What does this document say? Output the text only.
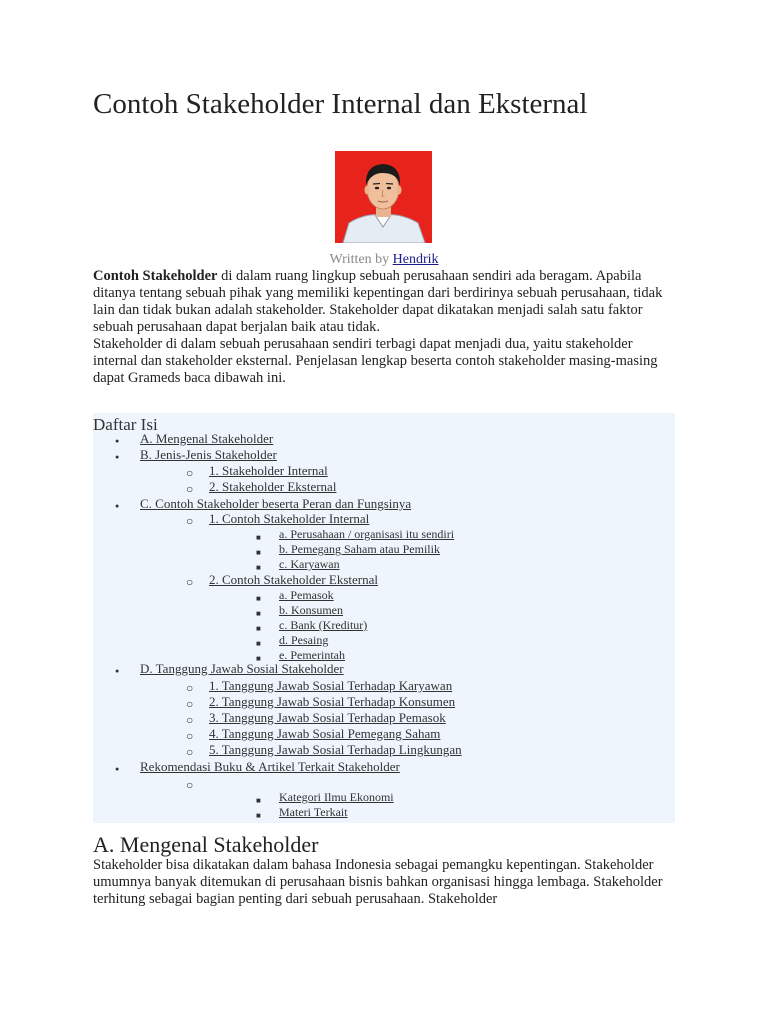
Contoh Stakeholder Internal dan Eksternal
Written by Hendrik

Contoh Stakeholder di dalam ruang lingkup sebuah perusahaan sendiri ada beragam. Apabila ditanya tentang sebuah pihak yang memiliki kepentingan dari berdirinya sebuah perusahaan, tidak lain dan tidak bukan adalah stakeholder. Stakeholder dapat dikatakan menjadi salah satu faktor sebuah perusahaan dapat berjalan baik atau tidak.

Stakeholder di dalam sebuah perusahaan sendiri terbagi dapat menjadi dua, yaitu stakeholder internal dan stakeholder eksternal. Penjelasan lengkap beserta contoh stakeholder masing-masing dapat Grameds baca dibawah ini.

Daftar Isi
● A. Mengenal Stakeholder
● B. Jenis-Jenis Stakeholder
○ 1. Stakeholder Internal
○ 2. Stakeholder Eksternal
● C. Contoh Stakeholder beserta Peran dan Fungsinya
○ 1. Contoh Stakeholder Internal
■ a. Perusahaan / organisasi itu sendiri
■ b. Pemegang Saham atau Pemilik
■ c. Karyawan
○ 2. Contoh Stakeholder Eksternal
■ a. Pemasok
■ b. Konsumen
■ c. Bank (Kreditur)
■ d. Pesaing
■ e. Pemerintah
● D. Tanggung Jawab Sosial Stakeholder
○ 1. Tanggung Jawab Sosial Terhadap Karyawan
○ 2. Tanggung Jawab Sosial Terhadap Konsumen
○ 3. Tanggung Jawab Sosial Terhadap Pemasok
○ 4. Tanggung Jawab Sosial Pemegang Saham
○ 5. Tanggung Jawab Sosial Terhadap Lingkungan
● Rekomendasi Buku & Artikel Terkait Stakeholder
○
■ Kategori Ilmu Ekonomi
■ Materi Terkait
A. Mengenal Stakeholder

Stakeholder bisa dikatakan dalam bahasa Indonesia sebagai pemangku kepentingan. Stakeholder umumnya banyak ditemukan di perusahaan bisnis bahkan organisasi hingga lembaga. Stakeholder terhitung sebagai bagian penting dari sebuah perusahaan. Stakeholder
